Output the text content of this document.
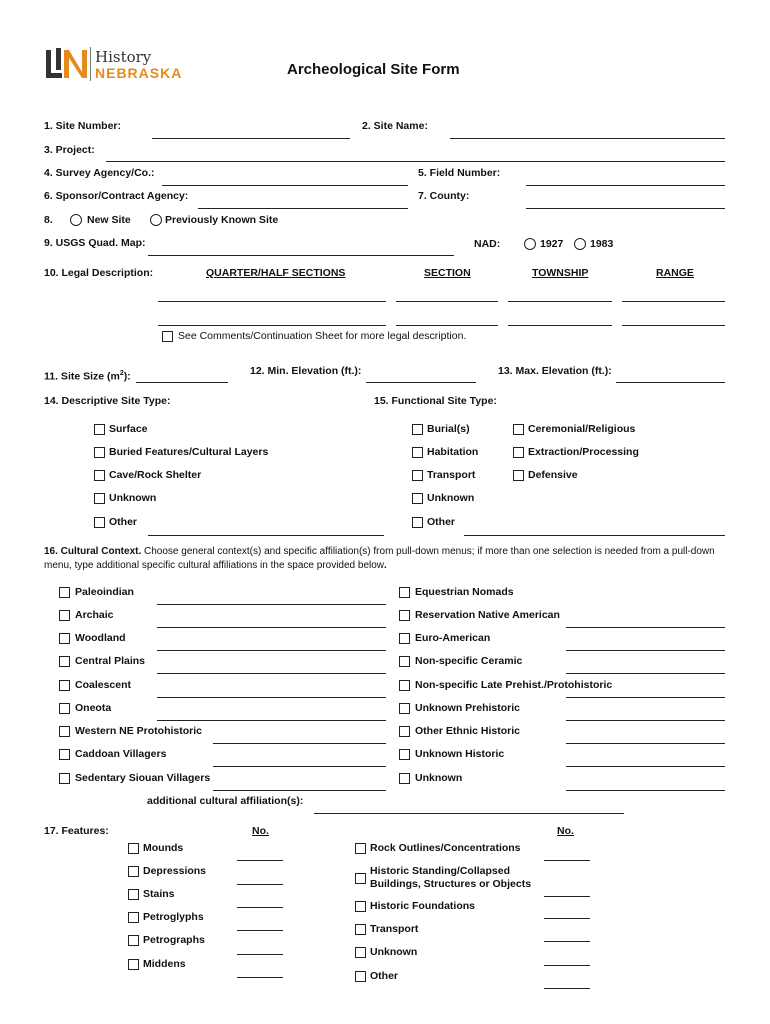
History
NEBRASKA	Archeological Site Form
1. Site Number:	2. Site Name:
3. Project:
4. Survey Agency/Co.:	5. Field Number:
6. Sponsor/Contract Agency:	7. County:
8.	New Site	Previously Known Site
9. USGS Quad. Map:	NAD:	1927	1983
10. Legal Description:	QUARTER/HALF SECTIONS	SECTION	TOWNSHIP	RANGE
See Comments/Continuation Sheet for more legal description.
11. Site Size $(m^2)$:	12. Min. Elevation (ft.):	13. Max. Elevation (ft.):
14. Descriptive Site Type:	15. Functional Site Type:
16. Cultural Context. Choose general context(s) and specific affiliation(s) from pull-down menus; if more than one selection is needed from a pull-down menu, type additional specific cultural affiliations in the space provided below.
additional cultural affiliation(s):
17. Features:	No.	No.
Historic Standing/Collapsed
Buildings, Structures or Objects
Surface
Buried Features/Cultural Layers
Cave/Rock Shelter
Unknown
Other
Burial(s)
Habitation
Transport
Unknown
Other
Ceremonial/Religious
Extraction/Processing
Defensive
Paleoindian
Archaic
Woodland
Central Plains
Coalescent
Oneota
Western NE Protohistoric
Caddoan Villagers
Sedentary Siouan Villagers
Equestrian Nomads
Reservation Native American
Euro-American
Non-specific Ceramic
Non-specific Late Prehist./Protohistoric
Unknown Prehistoric
Other Ethnic Historic
Unknown Historic
Unknown
Mounds
Depressions
Stains
Petroglyphs
Petrographs
Middens
Rock Outlines/Concentrations
Historic Foundations
Transport
Unknown
Other
